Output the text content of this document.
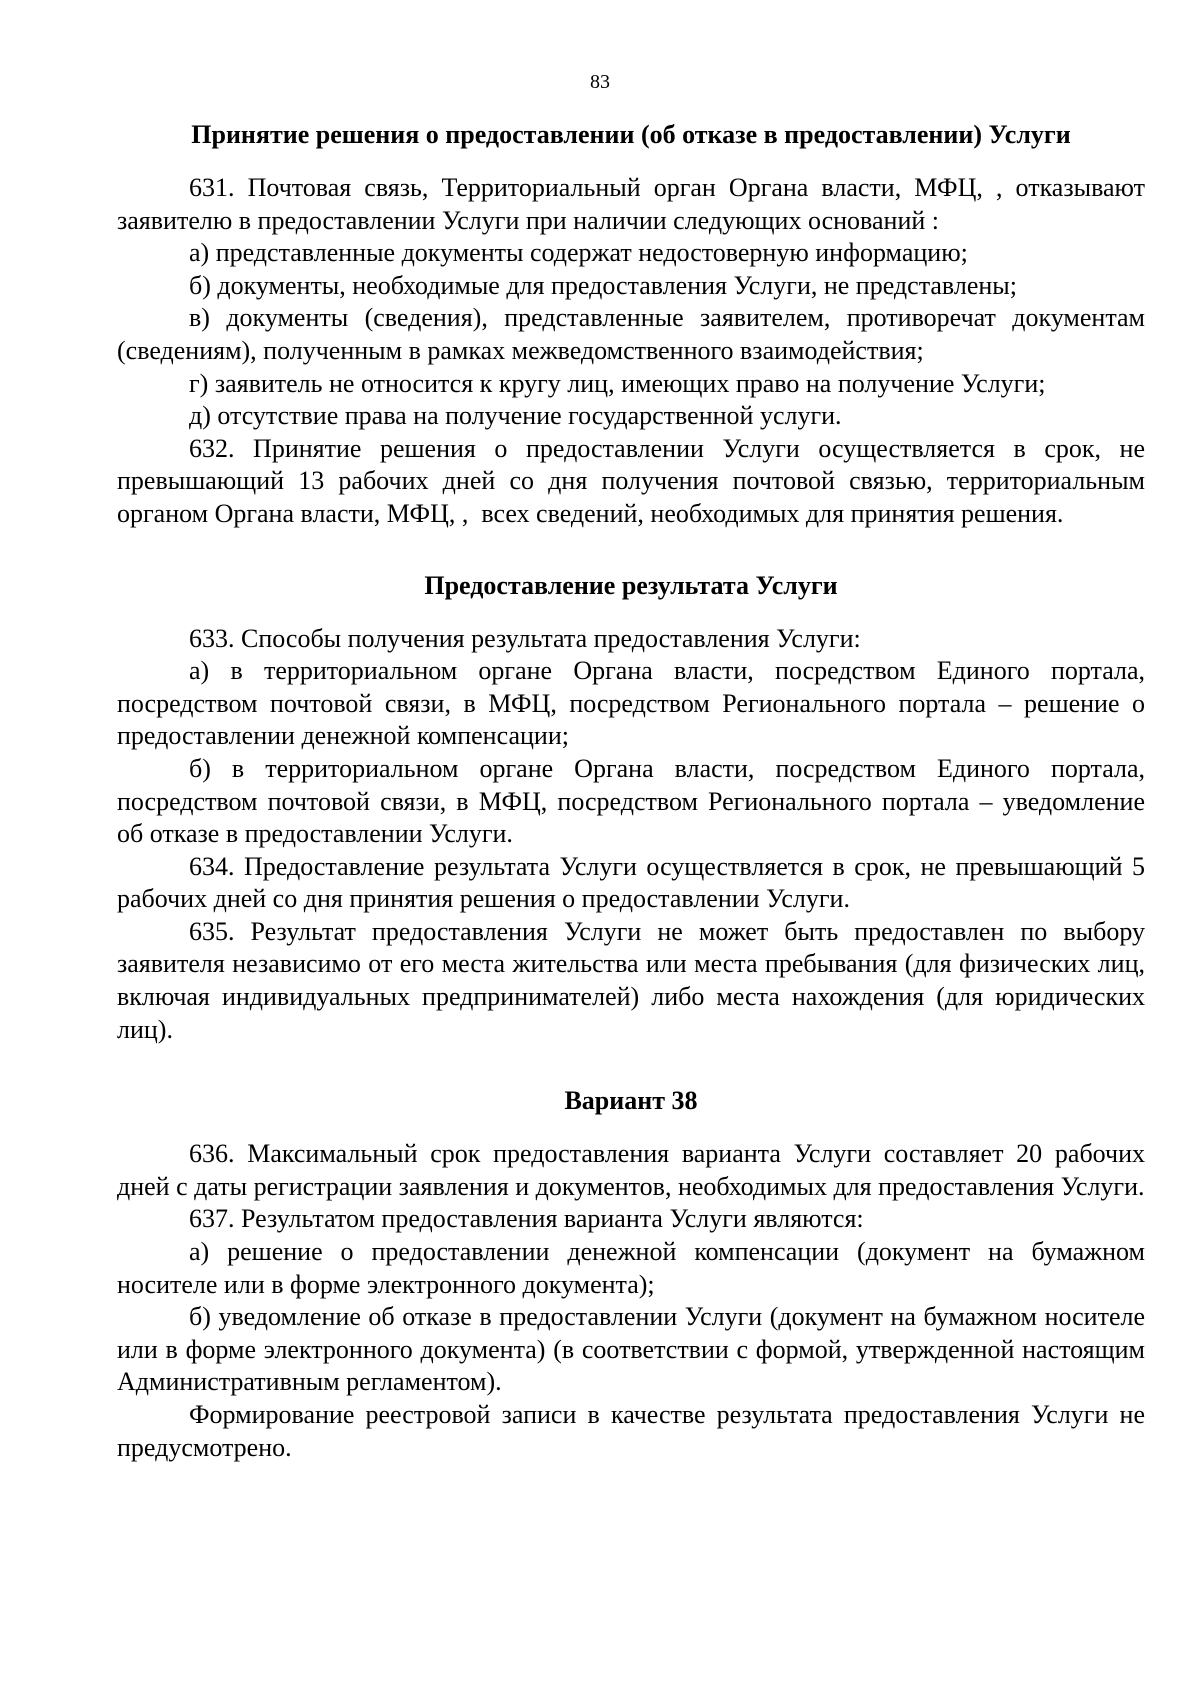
83
Принятие решения о предоставлении (об отказе в предоставлении) Услуги

631. Почтовая связь, Территориальный орган Органа власти, МФЦ, , отказывают заявителю в предоставлении Услуги при наличии следующих оснований :

а) представленные документы содержат недостоверную информацию;

б) документы, необходимые для предоставления Услуги, не представлены;

в) документы (сведения), представленные заявителем, противоречат документам (сведениям), полученным в рамках межведомственного взаимодействия;

г) заявитель не относится к кругу лиц, имеющих право на получение Услуги;

д) отсутствие права на получение государственной услуги.

632. Принятие решения о предоставлении Услуги осуществляется в срок, не превышающий 13 рабочих дней со дня получения почтовой связью, территориальным органом Органа власти, МФЦ, ,  всех сведений, необходимых для принятия решения.

Предоставление результата Услуги

633. Способы получения результата предоставления Услуги:

а) в территориальном органе Органа власти, посредством Единого портала, посредством почтовой связи, в МФЦ, посредством Регионального портала – решение о предоставлении денежной компенсации;

б) в территориальном органе Органа власти, посредством Единого портала, посредством почтовой связи, в МФЦ, посредством Регионального портала – уведомление об отказе в предоставлении Услуги.

634. Предоставление результата Услуги осуществляется в срок, не превышающий 5 рабочих дней со дня принятия решения о предоставлении Услуги.

635. Результат предоставления Услуги не может быть предоставлен по выбору заявителя независимо от его места жительства или места пребывания (для физических лиц, включая индивидуальных предпринимателей) либо места нахождения (для юридических лиц).

Вариант 38

636. Максимальный срок предоставления варианта Услуги составляет 20 рабочих дней с даты регистрации заявления и документов, необходимых для предоставления Услуги.

637. Результатом предоставления варианта Услуги являются:

а) решение о предоставлении денежной компенсации (документ на бумажном носителе или в форме электронного документа);

б) уведомление об отказе в предоставлении Услуги (документ на бумажном носителе или в форме электронного документа) (в соответствии с формой, утвержденной настоящим Административным регламентом).

Формирование реестровой записи в качестве результата предоставления Услуги не предусмотрено.
